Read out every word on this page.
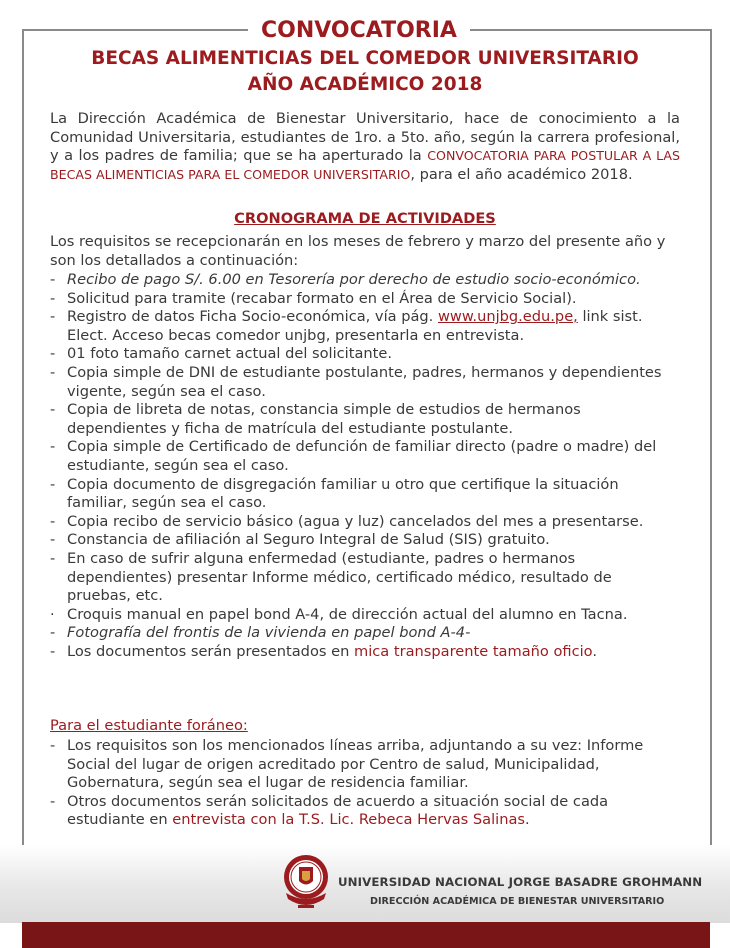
CONVOCATORIA
BECAS ALIMENTICIAS DEL COMEDOR UNIVERSITARIO
AÑO ACADÉMICO 2018
La Dirección Académica de Bienestar Universitario, hace de conocimiento a la Comunidad Universitaria, estudiantes de 1ro. a 5to. año, según la carrera profesional, y a los padres de familia; que se ha aperturado la CONVOCATORIA PARA POSTULAR A LAS BECAS ALIMENTICIAS PARA EL COMEDOR UNIVERSITARIO, para el año académico 2018.
CRONOGRAMA DE ACTIVIDADES
Los requisitos se recepcionarán en los meses de febrero y marzo del presente año y son los detallados a continuación:
- Recibo de pago S/. 6.00 en Tesorería por derecho de estudio socio-económico.
- Solicitud para tramite (recabar formato en el Área de Servicio Social).
- Registro de datos Ficha Socio-económica, vía pág. www.unjbg.edu.pe, link sist. Elect. Acceso becas comedor unjbg, presentarla en entrevista.
- 01 foto tamaño carnet actual del solicitante.
- Copia simple de DNI de estudiante postulante, padres, hermanos y dependientes vigente, según sea el caso.
- Copia de libreta de notas, constancia simple de estudios de hermanos dependientes y ficha de matrícula del estudiante postulante.
- Copia simple de Certificado de defunción de familiar directo (padre o madre) del estudiante, según sea el caso.
- Copia documento de disgregación familiar u otro que certifique la situación familiar, según sea el caso.
- Copia recibo de servicio básico (agua y luz) cancelados del mes a presentarse.
- Constancia de afiliación al Seguro Integral de Salud (SIS) gratuito.
- En caso de sufrir alguna enfermedad (estudiante, padres o hermanos dependientes) presentar Informe médico, certificado médico, resultado de pruebas, etc.
· Croquis manual en papel bond A-4, de dirección actual del alumno en Tacna.
- Fotografía del frontis de la vivienda en papel bond A-4-
- Los documentos serán presentados en mica transparente tamaño oficio.
Para el estudiante foráneo:
- Los requisitos son los mencionados líneas arriba, adjuntando a su vez: Informe Social del lugar de origen acreditado por Centro de salud, Municipalidad, Gobernatura, según sea el lugar de residencia familiar.
- Otros documentos serán solicitados de acuerdo a situación social de cada estudiante en entrevista con la T.S. Lic. Rebeca Hervas Salinas.
UNIVERSIDAD NACIONAL JORGE BASADRE GROHMANN
DIRECCIÓN ACADÉMICA DE BIENESTAR UNIVERSITARIO
